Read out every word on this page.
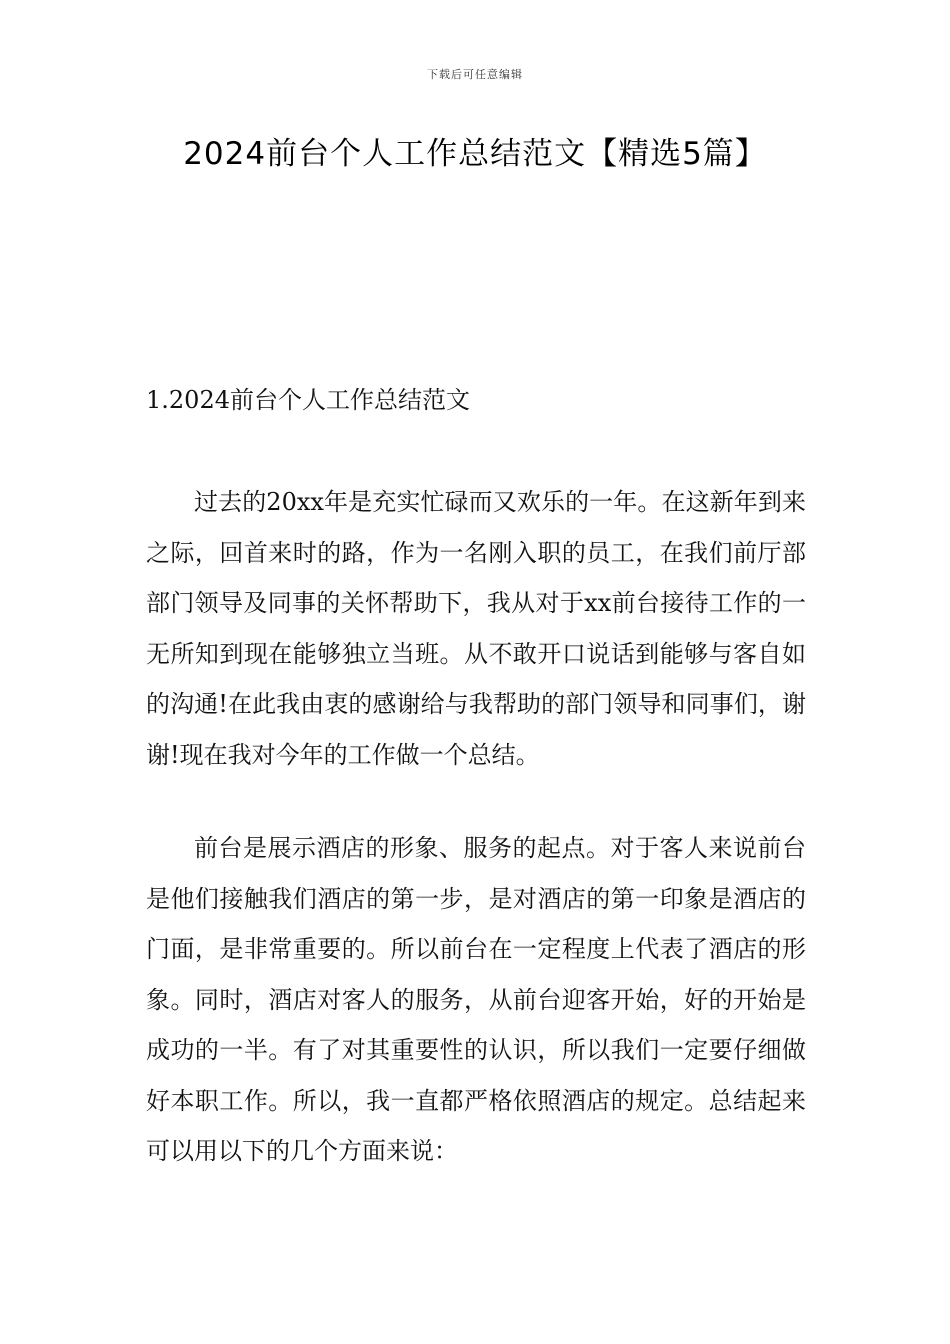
下载后可任意编辑
2024前台个人工作总结范文【精选5篇】
1.2024前台个人工作总结范文

过去的20xx年是充实忙碌而又欢乐的一年。在这新年到来之际，回首来时的路，作为一名刚入职的员工，在我们前厅部部门领导及同事的关怀帮助下，我从对于xx前台接待工作的一无所知到现在能够独立当班。从不敢开口说话到能够与客自如的沟通!在此我由衷的感谢给与我帮助的部门领导和同事们，谢谢!现在我对今年的工作做一个总结。

前台是展示酒店的形象、服务的起点。对于客人来说前台是他们接触我们酒店的第一步，是对酒店的第一印象是酒店的门面，是非常重要的。所以前台在一定程度上代表了酒店的形象。同时，酒店对客人的服务，从前台迎客开始，好的开始是成功的一半。有了对其重要性的认识，所以我们一定要仔细做好本职工作。所以，我一直都严格依照酒店的规定。总结起来可以用以下的几个方面来说：
